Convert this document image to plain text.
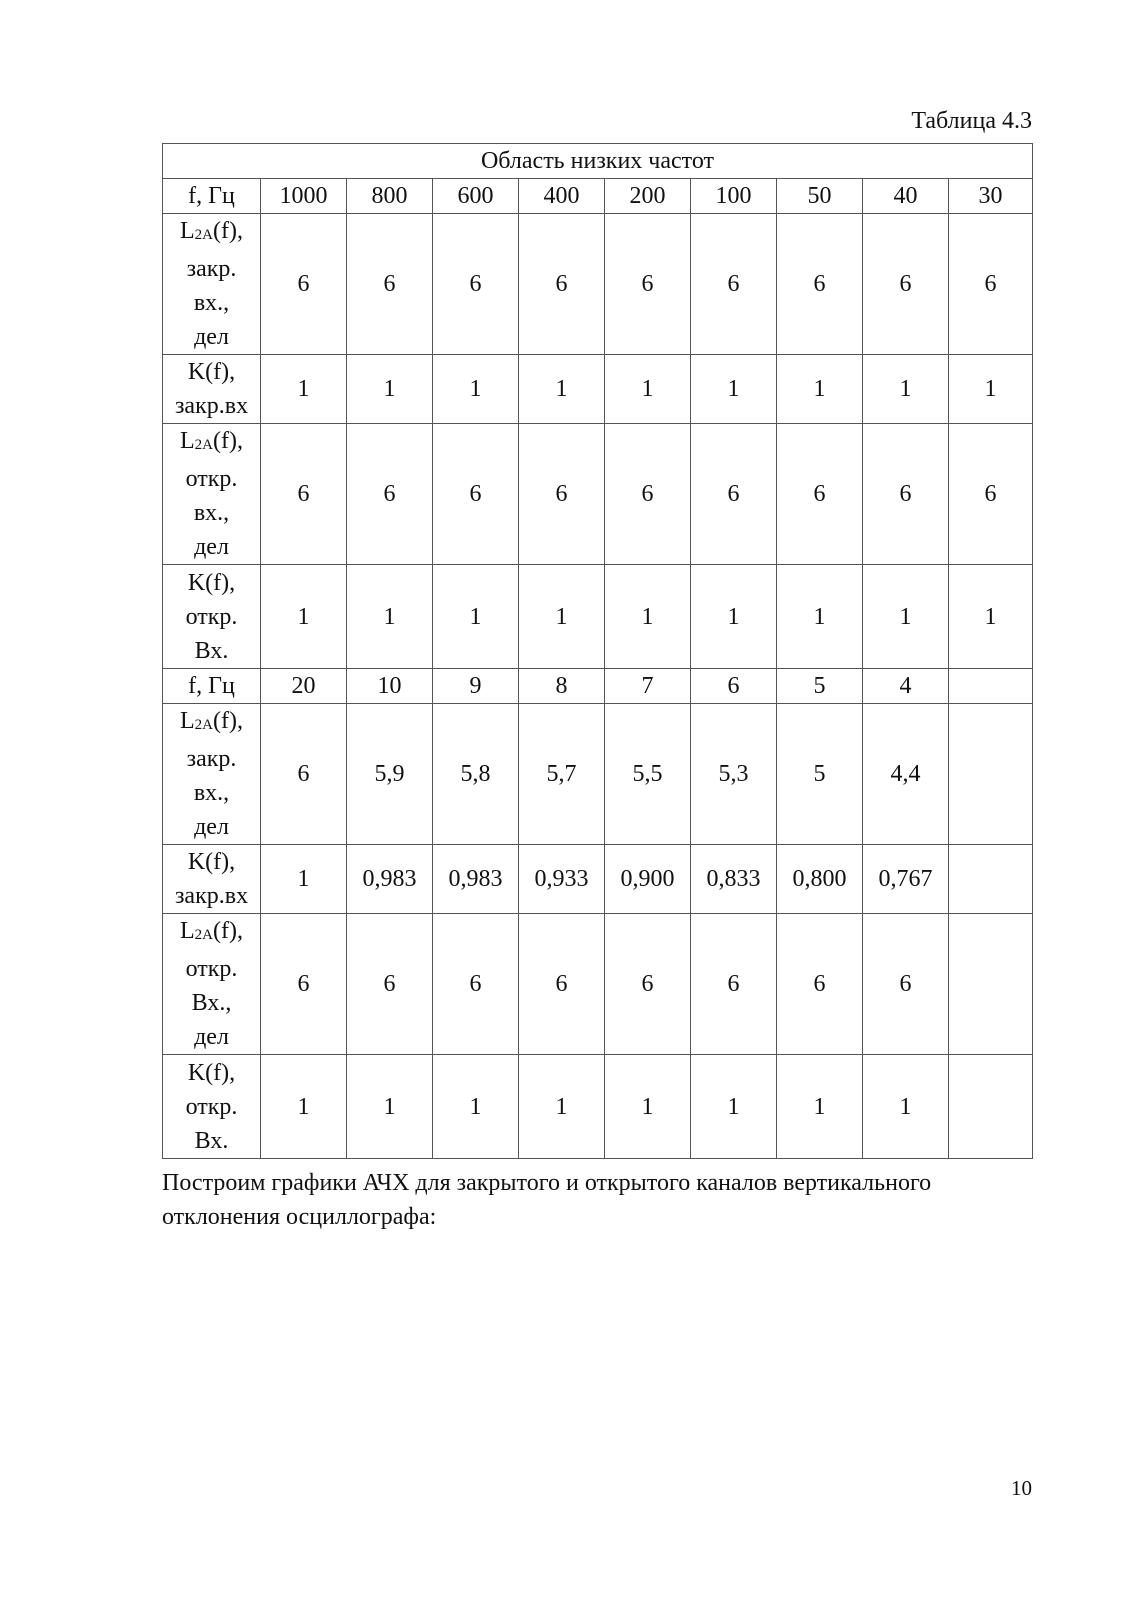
Таблица 4.3
Область низких частот									
f, Гц	1000	800	600	400	200	100	50	40	30

$L_{2A}(f)$,
закр.
вх.,
дел	6	6	6	6	6	6	6	6	6

K(f),
закр.вх	1	1	1	1	1	1	1	1	1

$L_{2A}(f)$,
откр.
вх.,
дел	6	6	6	6	6	6	6	6	6

K(f),
откр.
Вх.	1	1	1	1	1	1	1	1	1
f, Гц	20	10	9	8	7	6	5	4	

$L_{2A}(f)$,
закр.
вх.,
дел	6	5,9	5,8	5,7	5,5	5,3	5	4,4	

K(f),
закр.вх	1	0,983	0,983	0,933	0,900	0,833	0,800	0,767	

$L_{2A}(f)$,
откр.
Вх.,
дел	6	6	6	6	6	6	6	6	

K(f),
откр.
Вх.	1	1	1	1	1	1	1	1	
Построим графики АЧХ для закрытого и открытого каналов вертикального отклонения осциллографа:
10
